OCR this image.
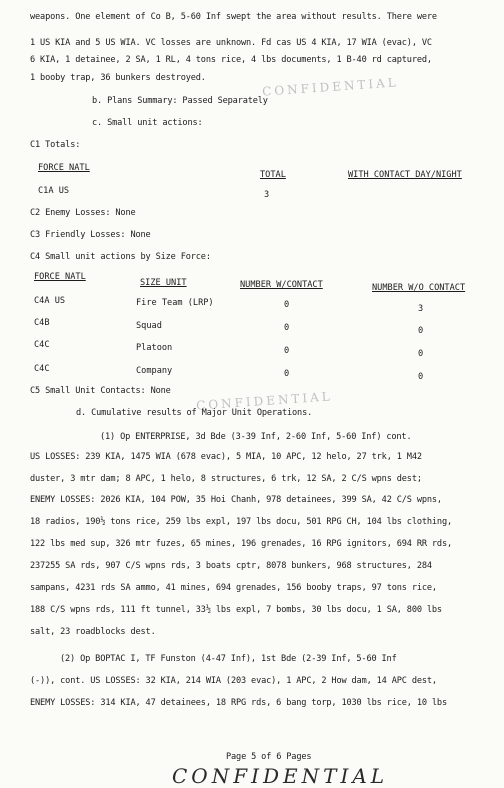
weapons. One element of Co B, 5-60 Inf swept the area without results. There were
1 US KIA and 5 US WIA. VC losses are unknown. Fd cas US 4 KIA, 17 WIA (evac), VC
6 KIA, 1 detainee, 2 SA, 1 RL, 4 tons rice, 4 lbs documents, 1 B-40 rd captured,
1 booby trap, 36 bunkers destroyed.	CONFIDENTIAL
b. Plans Summary: Passed Separately
c. Small unit actions:
C1 Totals:
FORCE NATL
TOTAL	WITH CONTACT DAY/NIGHT
C1A US	3
C2 Enemy Losses: None
C3 Friendly Losses: None
C4 Small unit actions by Size Force:
FORCE NATL
SIZE UNIT	NUMBER W/CONTACT	NUMBER W/O CONTACT
C4A US	Fire Team (LRP)	0	3
C4B	Squad	0	0
C4C	Platoon	0	0
C4C	Company	0	0
C5 Small Unit Contacts: None CONFIDENTIAL
d. Cumulative results of Major Unit Operations.
(1) Op ENTERPRISE, 3d Bde (3-39 Inf, 2-60 Inf, 5-60 Inf) cont.
US LOSSES: 239 KIA, 1475 WIA (678 evac), 5 MIA, 10 APC, 12 helo, 27 trk, 1 M42
duster, 3 mtr dam; 8 APC, 1 helo, 8 structures, 6 trk, 12 SA, 2 C/S wpns dest;
ENEMY LOSSES: 2026 KIA, 104 POW, 35 Hoi Chanh, 978 detainees, 399 SA, 42 C/S wpns,
18 radios, 190½ tons rice, 259 lbs expl, 197 lbs docu, 501 RPG CH, 104 lbs clothing,
122 lbs med sup, 326 mtr fuzes, 65 mines, 196 grenades, 16 RPG ignitors, 694 RR rds,
237255 SA rds, 907 C/S wpns rds, 3 boats cptr, 8078 bunkers, 968 structures, 284
sampans, 4231 rds SA ammo, 41 mines, 694 grenades, 156 booby traps, 97 tons rice,
188 C/S wpns rds, 111 ft tunnel, 33½ lbs expl, 7 bombs, 30 lbs docu, 1 SA, 800 lbs
salt, 23 roadblocks dest.
(2) Op BOPTAC I, TF Funston (4-47 Inf), 1st Bde (2-39 Inf, 5-60 Inf
(-)), cont. US LOSSES: 32 KIA, 214 WIA (203 evac), 1 APC, 2 How dam, 14 APC dest,
ENEMY LOSSES: 314 KIA, 47 detainees, 18 RPG rds, 6 bang torp, 1030 lbs rice, 10 lbs
Page 5 of 6 Pages
CONFIDENTIAL
